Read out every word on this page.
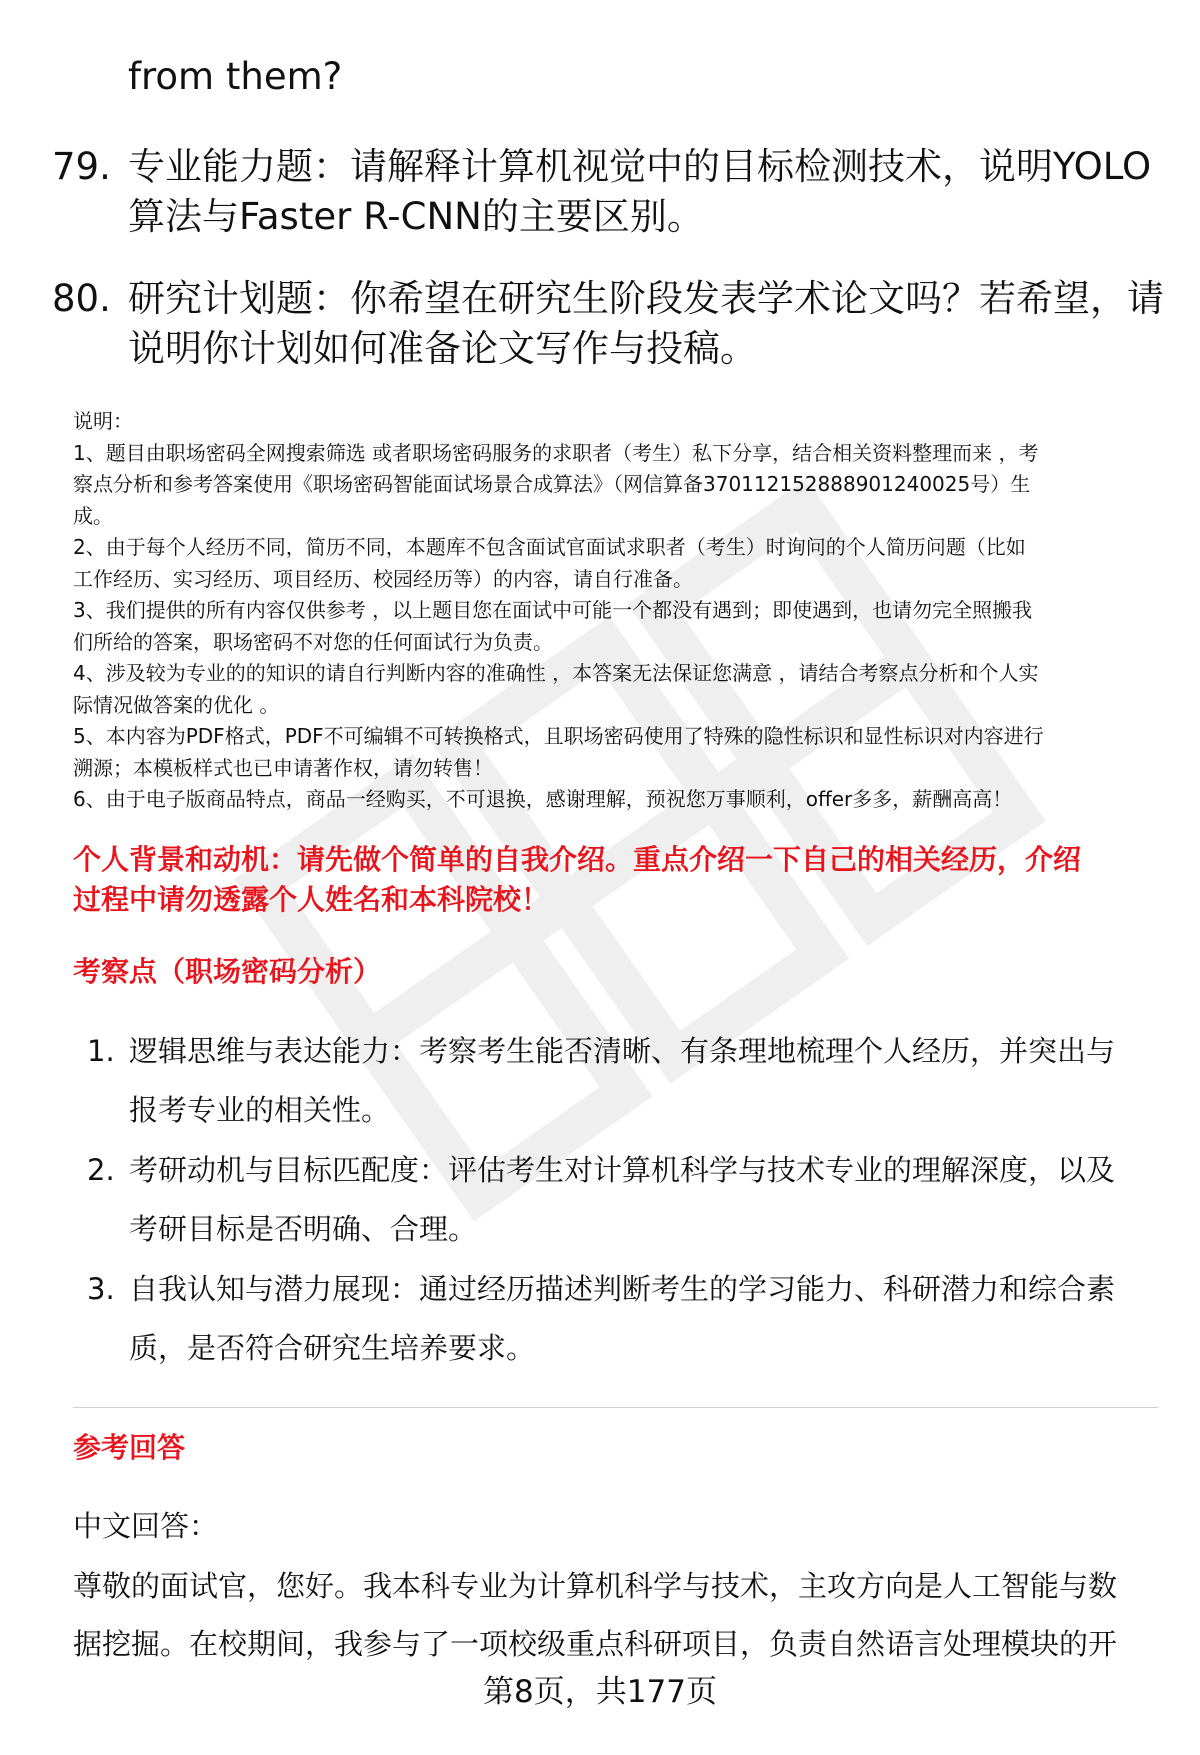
from them?
79. 专业能力题：请解释计算机视觉中的目标检测技术，说明YOLO
算法与Faster R-CNN的主要区别。
80. 研究计划题：你希望在研究生阶段发表学术论文吗？若希望，请
说明你计划如何准备论文写作与投稿。
说明：
1、题目由职场密码全网搜索筛选 或者职场密码服务的求职者（考生）私下分享，结合相关资料整理而来 ，考
察点分析和参考答案使用《职场密码智能面试场景合成算法》（网信算备370112152888901240025号）生
成。
2、由于每个人经历不同，简历不同，本题库不包含面试官面试求职者（考生）时询问的个人简历问题（比如
工作经历、实习经历、项目经历、校园经历等）的内容，请自行准备。
3、我们提供的所有内容仅供参考 ，以上题目您在面试中可能一个都没有遇到；即使遇到，也请勿完全照搬我
们所给的答案，职场密码不对您的任何面试行为负责。
4、涉及较为专业的的知识的请自行判断内容的准确性 ，本答案无法保证您满意 ，请结合考察点分析和个人实
际情况做答案的优化 。
5、本内容为PDF格式，PDF不可编辑不可转换格式，且职场密码使用了特殊的隐性标识和显性标识对内容进行
溯源；本模板样式也已申请著作权，请勿转售！
6、由于电子版商品特点，商品一经购买，不可退换，感谢理解，预祝您万事顺利，offer多多，薪酬高高！
个人背景和动机：请先做个简单的自我介绍。重点介绍一下自己的相关经历，介绍
过程中请勿透露个人姓名和本科院校！
考察点（职场密码分析）
1. 逻辑思维与表达能力：考察考生能否清晰、有条理地梳理个人经历，并突出与
报考专业的相关性。
2. 考研动机与目标匹配度：评估考生对计算机科学与技术专业的理解深度，以及
考研目标是否明确、合理。
3. 自我认知与潜力展现：通过经历描述判断考生的学习能力、科研潜力和综合素
质，是否符合研究生培养要求。
参考回答
中文回答：
尊敬的面试官，您好。我本科专业为计算机科学与技术，主攻方向是人工智能与数
据挖掘。在校期间，我参与了一项校级重点科研项目，负责自然语言处理模块的开
第8页，共177页
